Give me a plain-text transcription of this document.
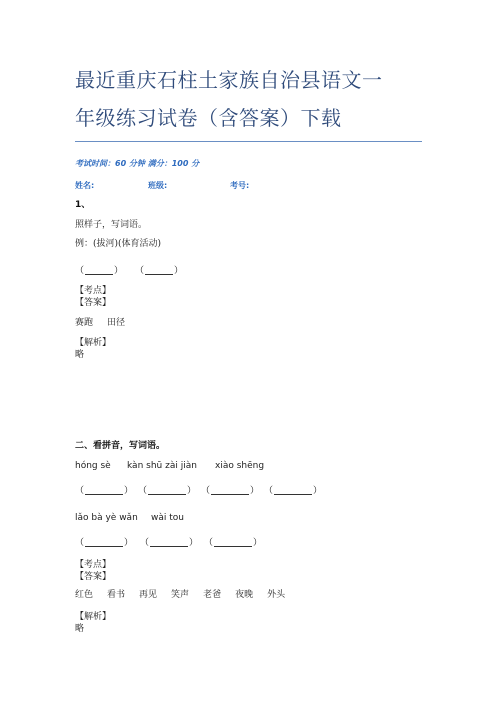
最近重庆石柱土家族自治县语文一
年级练习试卷（含答案）下载
考试时间：60 分钟 满分：100 分
姓名:	班级:	考号:
1、
照样子，写词语。
例：(拔河)(体育活动)
（	） （	）
【考点】
【答案】
赛跑 田径
【解析】
略
二、看拼音，写词语。
hóng sè kàn shū zài jiàn xiào shēng
（	） （	） （	） （	）
lǎo bà yè wǎn wài tou
（	） （	） （	）
【考点】
【答案】
红色 看书 再见 笑声 老爸 夜晚 外头
【解析】
略
